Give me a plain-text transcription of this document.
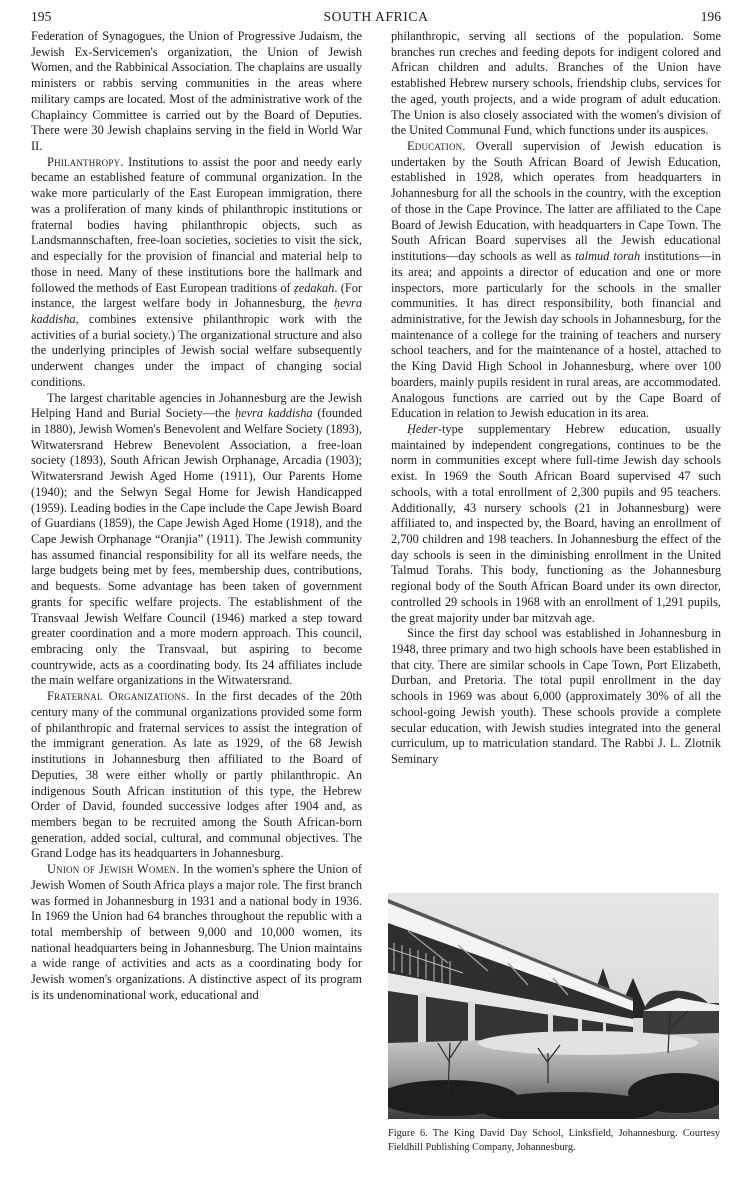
195	SOUTH AFRICA	196

Federation of Synagogues, the Union of Progressive Judaism, the Jewish Ex-Servicemen's organization, the Union of Jewish Women, and the Rabbinical Association. The chaplains are usually ministers or rabbis serving communities in the areas where military camps are located. Most of the administrative work of the Chaplaincy Committee is carried out by the Board of Deputies. There were 30 Jewish chaplains serving in the field in World War II.

Philanthropy. Institutions to assist the poor and needy early became an established feature of communal organization. In the wake more particularly of the East European immigration, there was a proliferation of many kinds of philanthropic institutions or fraternal bodies having philanthropic objects, such as Landsmannschaften, free-loan societies, societies to visit the sick, and especially for the provision of financial and material help to those in need. Many of these institutions bore the hallmark and followed the methods of East European traditions of ẓedakah. (For instance, the largest welfare body in Johannesburg, the ḥevra kaddisha, combines extensive philanthropic work with the activities of a burial society.) The organizational structure and also the underlying principles of Jewish social welfare subsequently underwent changes under the impact of changing social conditions.

The largest charitable agencies in Johannesburg are the Jewish Helping Hand and Burial Society—the ḥevra kaddisha (founded in 1880), Jewish Women's Benevolent and Welfare Society (1893), Witwatersrand Hebrew Benevolent Association, a free-loan society (1893), South African Jewish Orphanage, Arcadia (1903); Witwatersrand Jewish Aged Home (1911), Our Parents Home (1940); and the Selwyn Segal Home for Jewish Handicapped (1959). Leading bodies in the Cape include the Cape Jewish Board of Guardians (1859), the Cape Jewish Aged Home (1918), and the Cape Jewish Orphanage “Oranjia” (1911). The Jewish community has assumed financial responsibility for all its welfare needs, the large budgets being met by fees, membership dues, contributions, and bequests. Some advantage has been taken of government grants for specific welfare projects. The establishment of the Transvaal Jewish Welfare Council (1946) marked a step toward greater coordination and a more modern approach. This council, embracing only the Transvaal, but aspiring to become countrywide, acts as a coordinating body. Its 24 affiliates include the main welfare organizations in the Witwatersrand.

Fraternal Organizations. In the first decades of the 20th century many of the communal organizations provided some form of philanthropic and fraternal services to assist the integration of the immigrant generation. As late as 1929, of the 68 Jewish institutions in Johannesburg then affiliated to the Board of Deputies, 38 were either wholly or partly philanthropic. An indigenous South African institution of this type, the Hebrew Order of David, founded successive lodges after 1904 and, as members began to be recruited among the South African-born generation, added social, cultural, and communal objectives. The Grand Lodge has its headquarters in Johannesburg.

Union of Jewish Women. In the women's sphere the Union of Jewish Women of South Africa plays a major role. The first branch was formed in Johannesburg in 1931 and a national body in 1936. In 1969 the Union had 64 branches throughout the republic with a total membership of between 9,000 and 10,000 women, its national headquarters being in Johannesburg. The Union maintains a wide range of activities and acts as a coordinating body for Jewish women's organizations. A distinctive aspect of its program is its undenominational work, educational and

philanthropic, serving all sections of the population. Some branches run creches and feeding depots for indigent colored and African children and adults. Branches of the Union have established Hebrew nursery schools, friendship clubs, services for the aged, youth projects, and a wide program of adult education. The Union is also closely associated with the women's division of the United Communal Fund, which functions under its auspices.

Education. Overall supervision of Jewish education is undertaken by the South African Board of Jewish Education, established in 1928, which operates from headquarters in Johannesburg for all the schools in the country, with the exception of those in the Cape Province. The latter are affiliated to the Cape Board of Jewish Education, with headquarters in Cape Town. The South African Board supervises all the Jewish educational institutions—day schools as well as talmud torah institutions—in its area; and appoints a director of education and one or more inspectors, more particularly for the schools in the smaller communities. It has direct responsibility, both financial and administrative, for the Jewish day schools in Johannesburg, for the maintenance of a college for the training of teachers and nursery school teachers, and for the maintenance of a hostel, attached to the King David High School in Johannesburg, where over 100 boarders, mainly pupils resident in rural areas, are accommodated. Analogous functions are carried out by the Cape Board of Education in relation to Jewish education in its area.

Ḥeder-type supplementary Hebrew education, usually maintained by independent congregations, continues to be the norm in communities except where full-time Jewish day schools exist. In 1969 the South African Board supervised 47 such schools, with a total enrollment of 2,300 pupils and 95 teachers. Additionally, 43 nursery schools (21 in Johannesburg) were affiliated to, and inspected by, the Board, having an enrollment of 2,700 children and 198 teachers. In Johannesburg the effect of the day schools is seen in the diminishing enrollment in the United Talmud Torahs. This body, functioning as the Johannesburg regional body of the South African Board under its own director, controlled 29 schools in 1968 with an enrollment of 1,291 pupils, the great majority under bar mitzvah age.

Since the first day school was established in Johannesburg in 1948, three primary and two high schools have been established in that city. There are similar schools in Cape Town, Port Elizabeth, Durban, and Pretoria. The total pupil enrollment in the day schools in 1969 was about 6,000 (approximately 30% of all the school-going Jewish youth). These schools provide a complete secular education, with Jewish studies integrated into the general curriculum, up to matriculation standard. The Rabbi J. L. Zlotnik Seminary

Figure 6. The King David Day School, Linksfield, Johannesburg. Courtesy Fieldhill Publishing Company, Johannesburg.
